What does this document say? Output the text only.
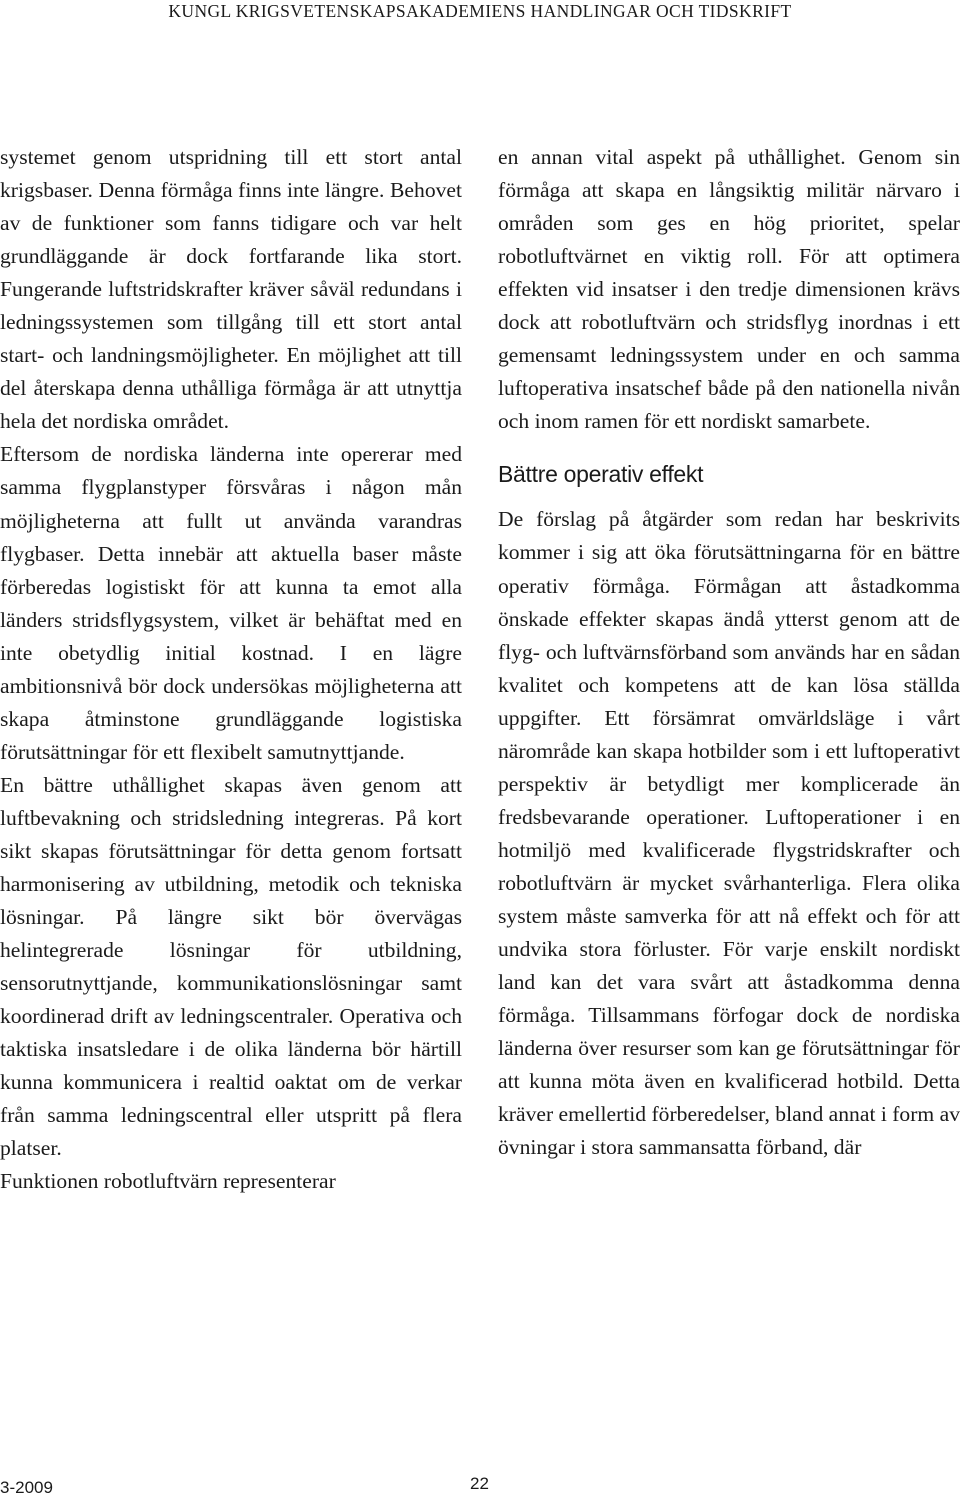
KUNGL KRIGSVETENSKAPSAKADEMIENS HANDLINGAR OCH TIDSKRIFT

systemet genom utspridning till ett stort antal krigsbaser. Denna förmåga finns inte längre. Behovet av de funktioner som fanns tidigare och var helt grundläggande är dock fortfarande lika stort. Fungerande luftstridskrafter kräver såväl redundans i ledningssystemen som tillgång till ett stort antal start- och landningsmöjligheter. En möjlighet att till del återskapa denna uthålliga förmåga är att utnyttja hela det nordiska området.

Eftersom de nordiska länderna inte opererar med samma flygplanstyper försvåras i någon mån möjligheterna att fullt ut använda varandras flygbaser. Detta innebär att aktuella baser måste förberedas logistiskt för att kunna ta emot alla länders stridsflygsystem, vilket är behäftat med en inte obetydlig initial kostnad. I en lägre ambitionsnivå bör dock undersökas möjligheterna att skapa åtminstone grundläggande logistiska förutsättningar för ett flexibelt samutnyttjande.

En bättre uthållighet skapas även genom att luftbevakning och stridsledning integreras. På kort sikt skapas förutsättningar för detta genom fortsatt harmonisering av utbildning, metodik och tekniska lösningar. På längre sikt bör övervägas helintegrerade lösningar för utbildning, sensorutnyttjande, kommunikationslösningar samt koordinerad drift av ledningscentraler. Operativa och taktiska insatsledare i de olika länderna bör härtill kunna kommunicera i realtid oaktat om de verkar från samma ledningscentral eller utspritt på flera platser.

Funktionen robotluftvärn representerar

en annan vital aspekt på uthållighet. Genom sin förmåga att skapa en långsiktig militär närvaro i områden som ges en hög prioritet, spelar robotluftvärnet en viktig roll. För att optimera effekten vid insatser i den tredje dimensionen krävs dock att robotluftvärn och stridsflyg inordnas i ett gemensamt ledningssystem under en och samma luftoperativa insatschef både på den nationella nivån och inom ramen för ett nordiskt samarbete.

Bättre operativ effekt

De förslag på åtgärder som redan har beskrivits kommer i sig att öka förutsättningarna för en bättre operativ förmåga. Förmågan att åstadkomma önskade effekter skapas ändå ytterst genom att de flyg- och luftvärnsförband som används har en sådan kvalitet och kompetens att de kan lösa ställda uppgifter. Ett försämrat omvärldsläge i vårt närområde kan skapa hotbilder som i ett luftoperativt perspektiv är betydligt mer komplicerade än fredsbevarande operationer. Luftoperationer i en hotmiljö med kvalificerade flygstridskrafter och robotluftvärn är mycket svårhanterliga. Flera olika system måste samverka för att nå effekt och för att undvika stora förluster. För varje enskilt nordiskt land kan det vara svårt att åstadkomma denna förmåga. Tillsammans förfogar dock de nordiska länderna över resurser som kan ge förutsättningar för att kunna möta även en kvalificerad hotbild. Detta kräver emellertid förberedelser, bland annat i form av övningar i stora sammansatta förband, där

3-2009	22
